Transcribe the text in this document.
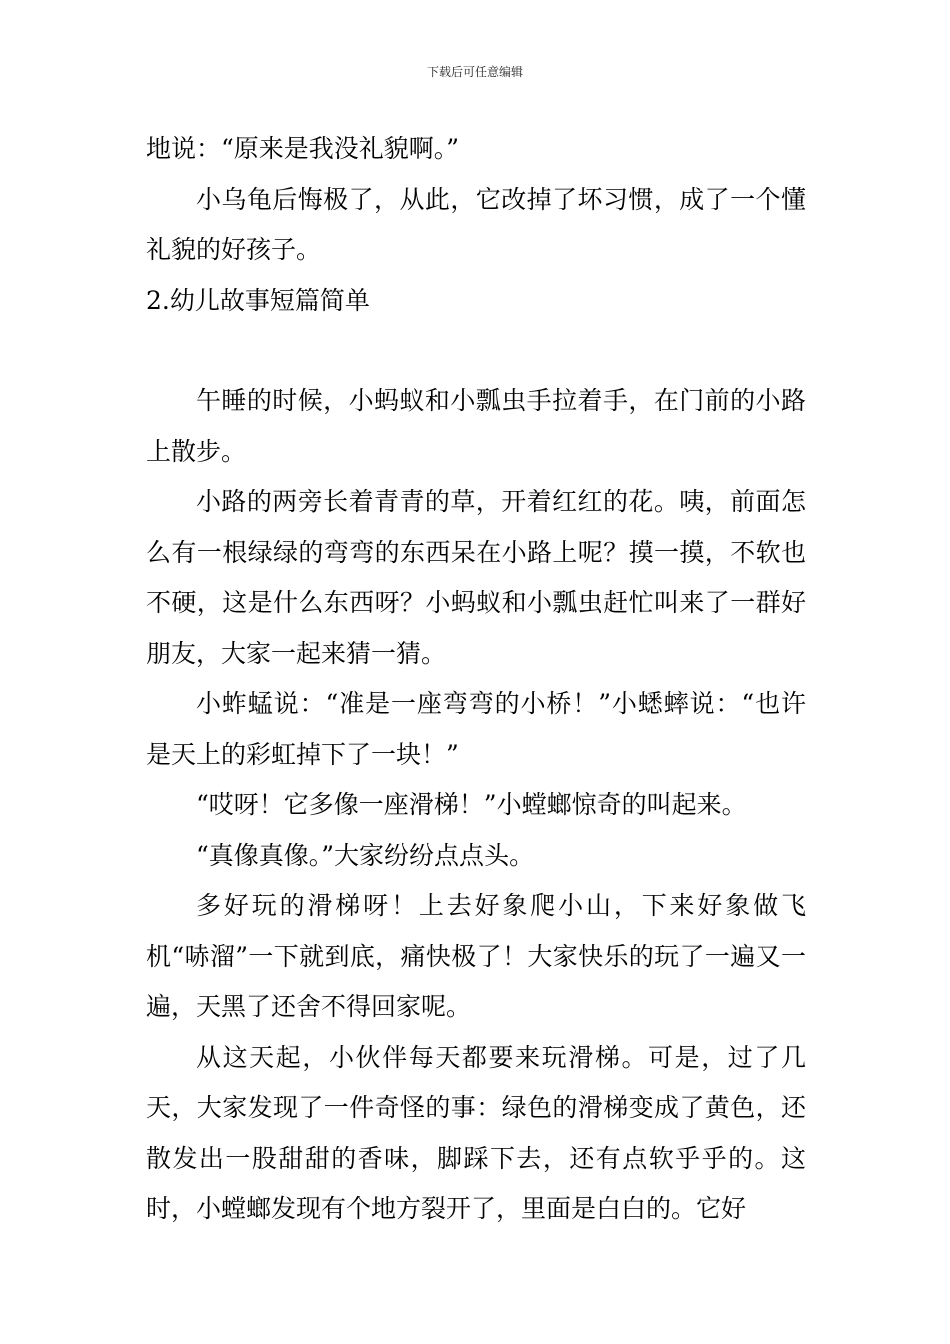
下载后可任意编辑

地说：“原来是我没礼貌啊。”

小乌龟后悔极了，从此，它改掉了坏习惯，成了一个懂礼貌的好孩子。

2.幼儿故事短篇简单

午睡的时候，小蚂蚁和小瓢虫手拉着手，在门前的小路上散步。

小路的两旁长着青青的草，开着红红的花。咦，前面怎么有一根绿绿的弯弯的东西呆在小路上呢？摸一摸，不软也不硬，这是什么东西呀？小蚂蚁和小瓢虫赶忙叫来了一群好朋友，大家一起来猜一猜。

小蚱蜢说：“准是一座弯弯的小桥！”小蟋蟀说：“也许是天上的彩虹掉下了一块！”

“哎呀！它多像一座滑梯！”小螳螂惊奇的叫起来。

“真像真像。”大家纷纷点点头。

多好玩的滑梯呀！上去好象爬小山，下来好象做飞机“哧溜”一下就到底，痛快极了！大家快乐的玩了一遍又一遍，天黑了还舍不得回家呢。

从这天起，小伙伴每天都要来玩滑梯。可是，过了几天，大家发现了一件奇怪的事：绿色的滑梯变成了黄色，还散发出一股甜甜的香味，脚踩下去，还有点软乎乎的。这时，小螳螂发现有个地方裂开了，里面是白白的。它好
